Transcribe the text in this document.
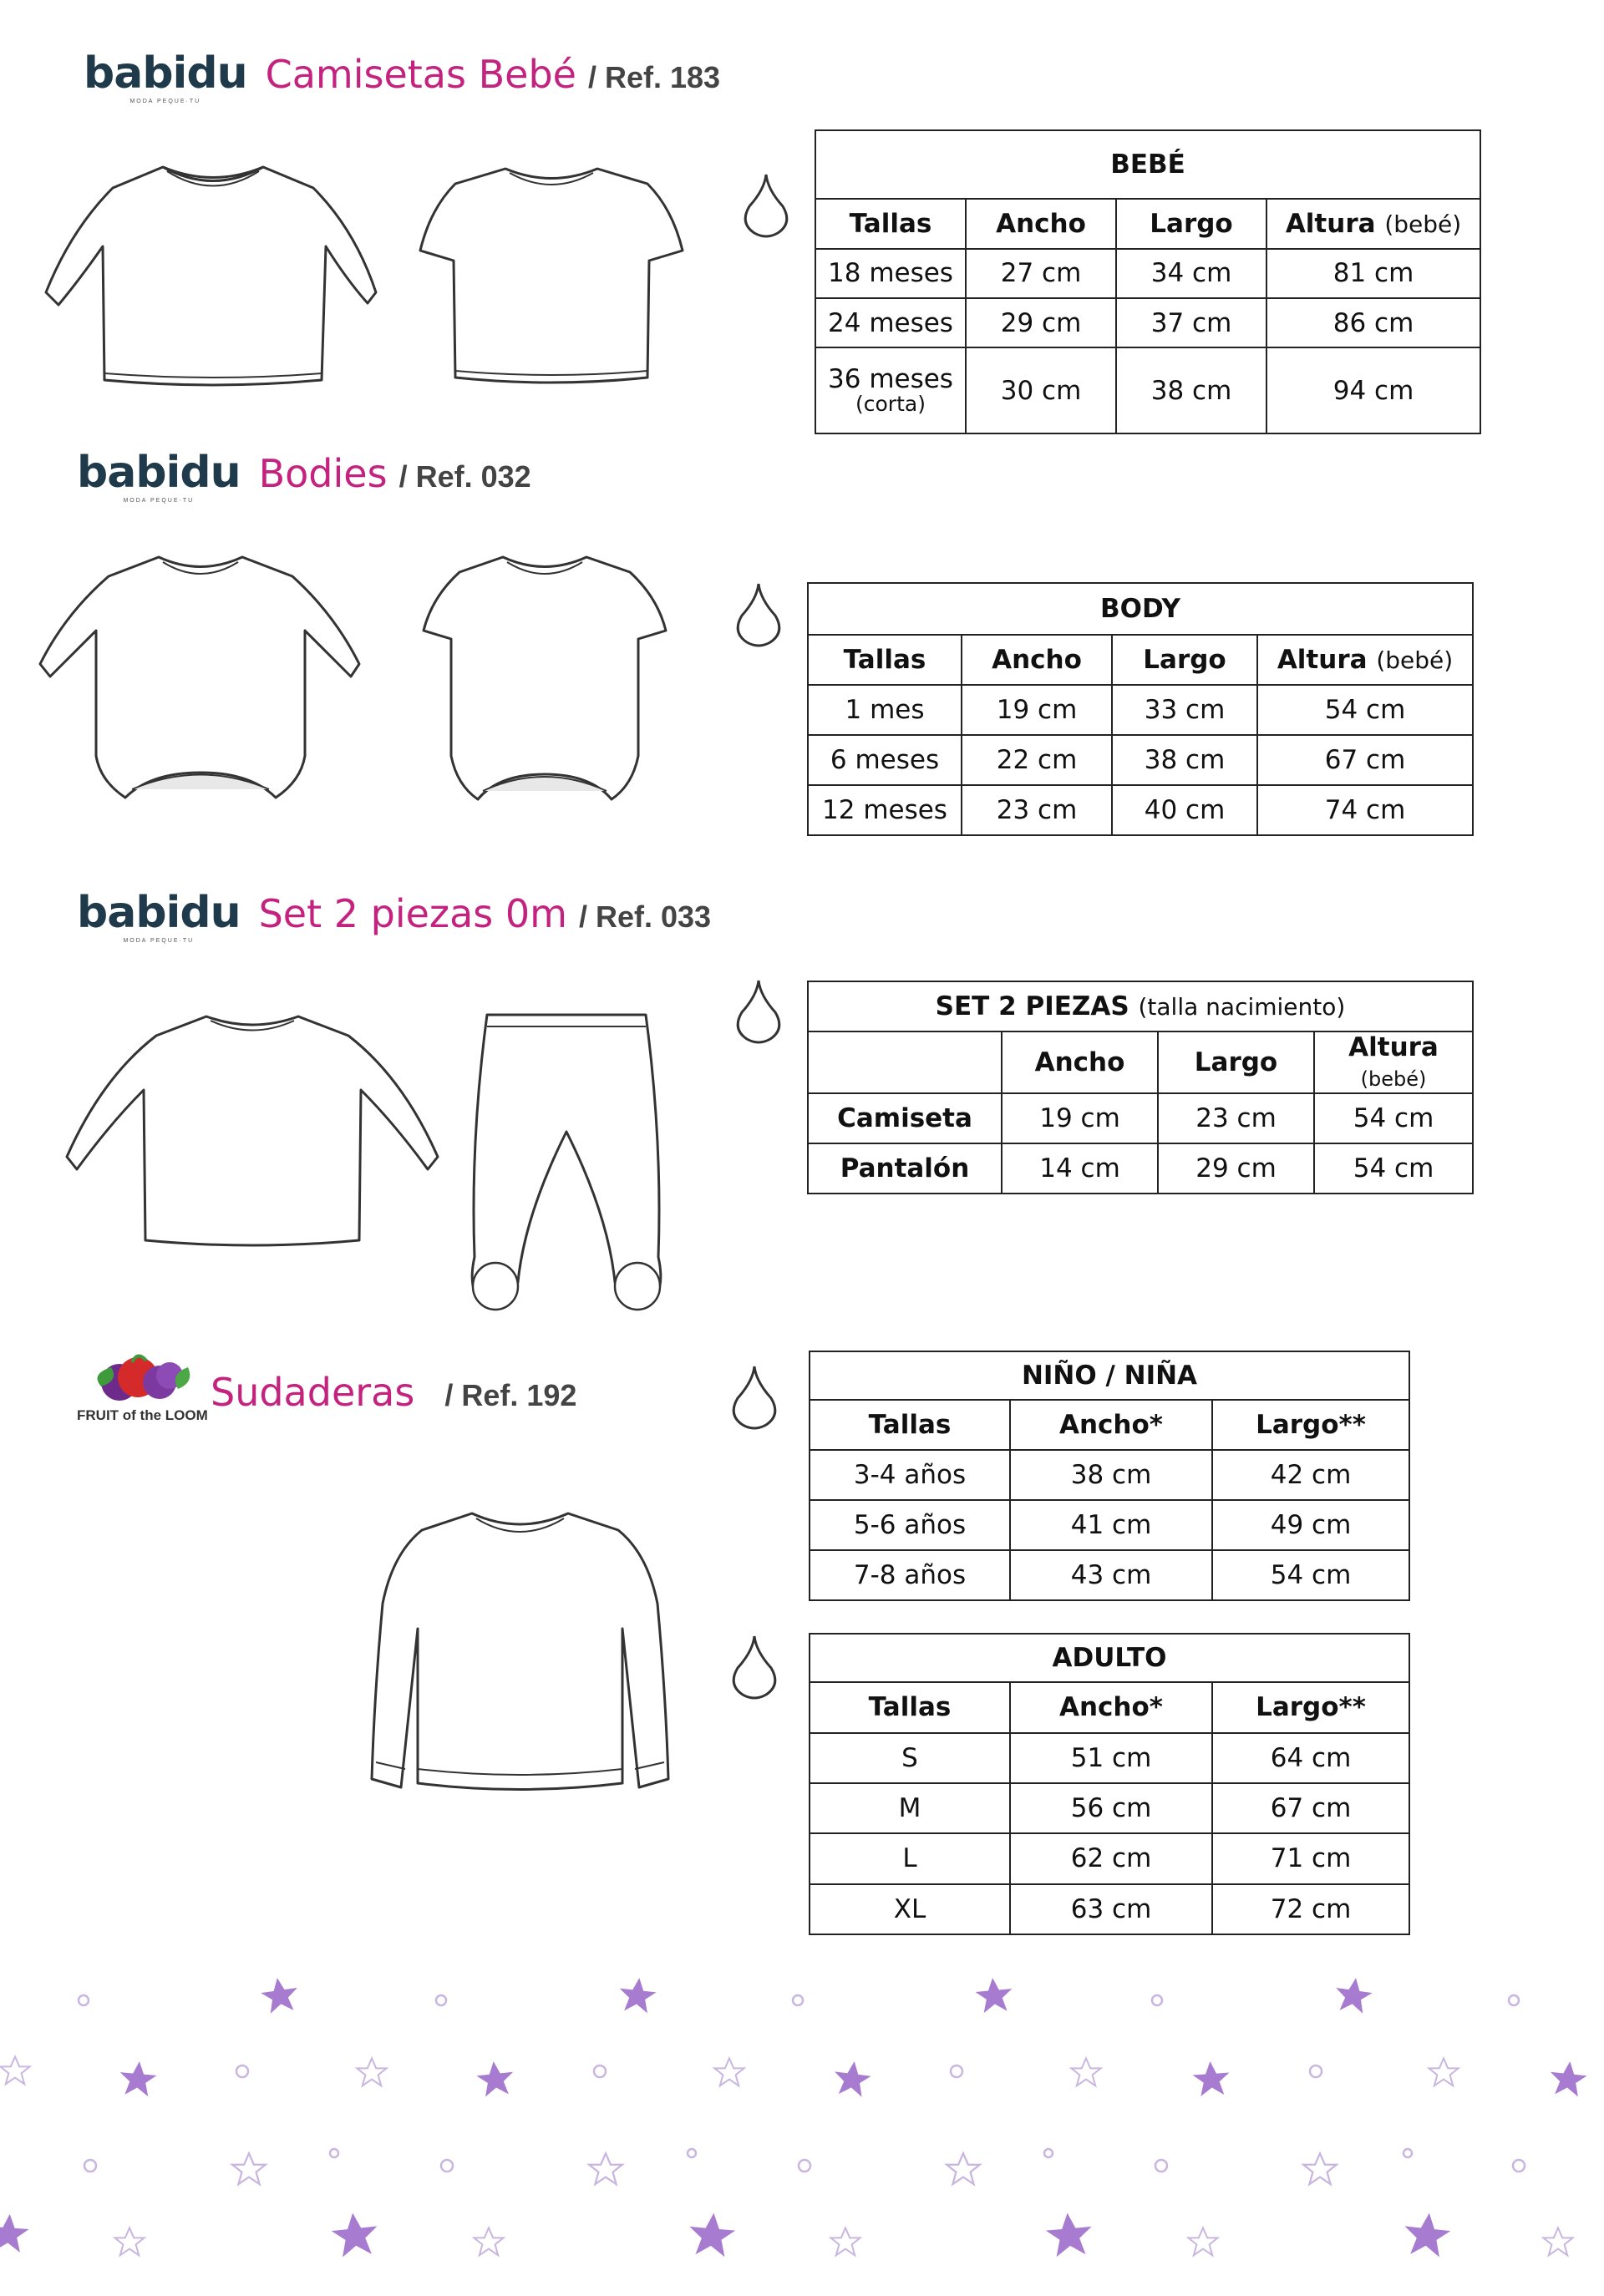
babidu
MODA PEQUE·TU
Camisetas Bebé / Ref. 183
BEBÉ			
Tallas	Ancho	Largo	Altura (bebé)
18 meses	27 cm	34 cm	81 cm
24 meses	29 cm	37 cm	86 cm

36 meses
(corta)	30 cm	38 cm	94 cm
babidu
MODA PEQUE·TU
Bodies / Ref. 032
BODY			
Tallas	Ancho	Largo	Altura (bebé)
1 mes	19 cm	33 cm	54 cm
6 meses	22 cm	38 cm	67 cm
12 meses	23 cm	40 cm	74 cm
babidu
MODA PEQUE·TU
Set 2 piezas 0m / Ref. 033
SET 2 PIEZAS (talla nacimiento)			
	Ancho	Largo	Altura (bebé)
Camiseta	19 cm	23 cm	54 cm
Pantalón	14 cm	29 cm	54 cm
FRUIT of the LOOM
Sudaderas / Ref. 192
NIÑO / NIÑA		
Tallas	Ancho*	Largo**
3-4 años	38 cm	42 cm
5-6 años	41 cm	49 cm
7-8 años	43 cm	54 cm
ADULTO		
Tallas	Ancho*	Largo**
S	51 cm	64 cm
M	56 cm	67 cm
L	62 cm	71 cm
XL	63 cm	72 cm
